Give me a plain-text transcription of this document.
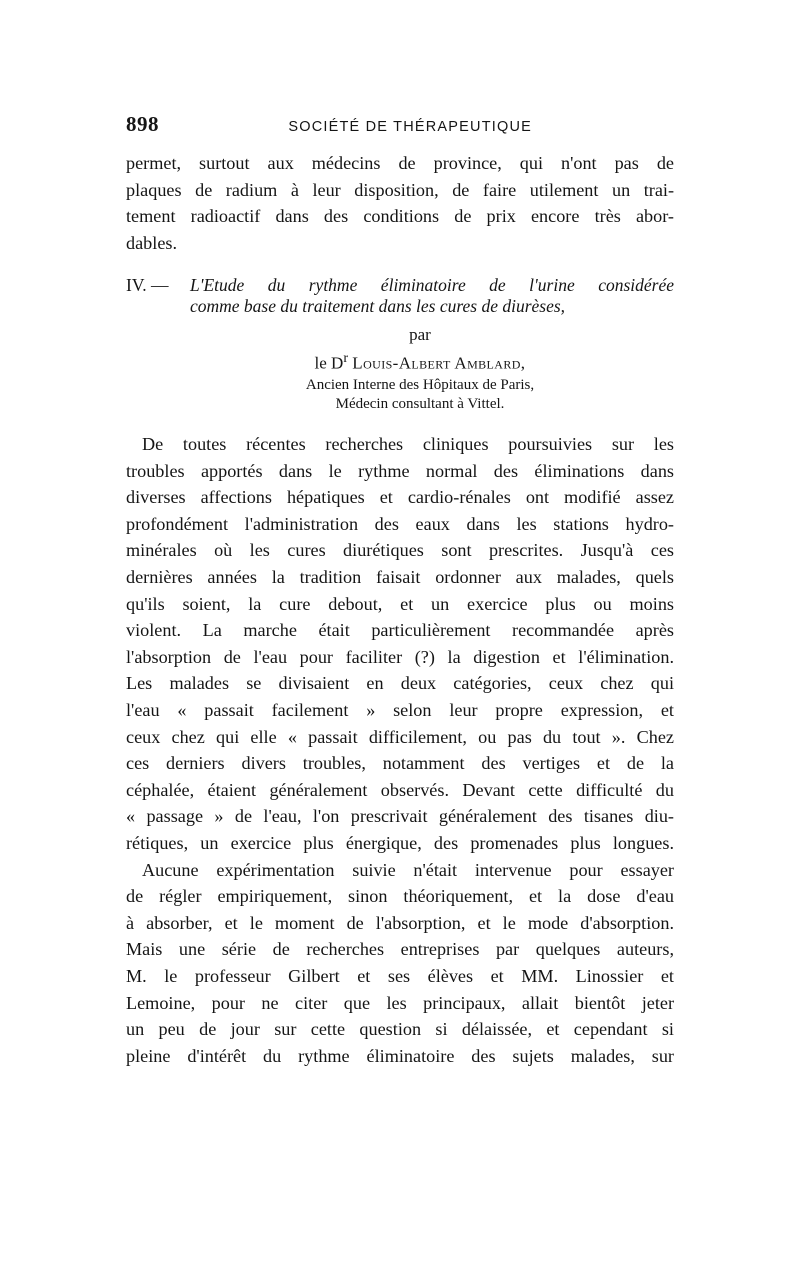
898	SOCIÉTÉ DE THÉRAPEUTIQUE
permet, surtout aux médecins de province, qui n'ont pas de
plaques de radium à leur disposition, de faire utilement un trai-
tement radioactif dans des conditions de prix encore très abor-
dables.
IV. —	L'Etude du rythme éliminatoire de l'urine considérée
comme base du traitement dans les cures de diurèses,
par
le $D^r$ Louis-Albert Amblard,
Ancien Interne des Hôpitaux de Paris,
Médecin consultant à Vittel.
De toutes récentes recherches cliniques poursuivies sur les
troubles apportés dans le rythme normal des éliminations dans
diverses affections hépatiques et cardio-rénales ont modifié assez
profondément l'administration des eaux dans les stations hydro-
minérales où les cures diurétiques sont prescrites. Jusqu'à ces
dernières années la tradition faisait ordonner aux malades, quels
qu'ils soient, la cure debout, et un exercice plus ou moins
violent. La marche était particulièrement recommandée après
l'absorption de l'eau pour faciliter (?) la digestion et l'élimination.
Les malades se divisaient en deux catégories, ceux chez qui
l'eau « passait facilement » selon leur propre expression, et
ceux chez qui elle « passait difficilement, ou pas du tout ». Chez
ces derniers divers troubles, notamment des vertiges et de la
céphalée, étaient généralement observés. Devant cette difficulté du
« passage » de l'eau, l'on prescrivait généralement des tisanes diu-
rétiques, un exercice plus énergique, des promenades plus longues.
Aucune expérimentation suivie n'était intervenue pour essayer
de régler empiriquement, sinon théoriquement, et la dose d'eau
à absorber, et le moment de l'absorption, et le mode d'absorption.
Mais une série de recherches entreprises par quelques auteurs,
M. le professeur Gilbert et ses élèves et MM. Linossier et
Lemoine, pour ne citer que les principaux, allait bientôt jeter
un peu de jour sur cette question si délaissée, et cependant si
pleine d'intérêt du rythme éliminatoire des sujets malades, sur
